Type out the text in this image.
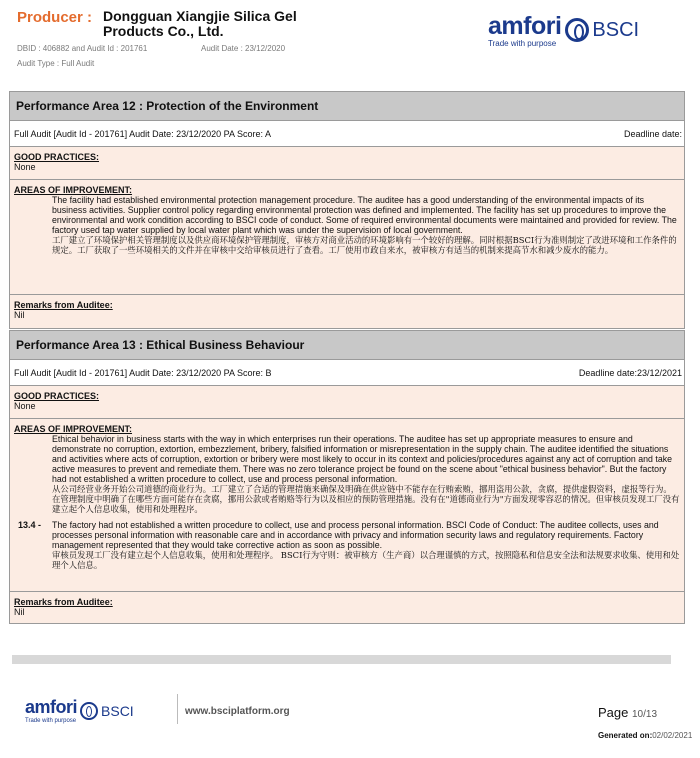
Producer : Dongguan Xiangjie Silica Gel Products Co., Ltd.
DBID : 406882 and Audit Id : 201761	Audit Date : 23/12/2020
Audit Type : Full Audit
amfori
Trade with purpose
BSCI
Performance Area 12 : Protection of the Environment
Full Audit [Audit Id - 201761] Audit Date: 23/12/2020 PA Score: A	Deadline date:
GOOD PRACTICES:
None
AREAS OF IMPROVEMENT:
The facility had established environmental protection management procedure. The auditee has a good understanding of the environmental impacts of its business activities. Supplier control policy regarding environmental protection was defined and implemented. The facility has set up procedures to improve the environmental and work condition according to BSCI code of conduct. Some of required environmental documents were maintained and provided for review. The factory used tap water supplied by local water plant which was under the supervision of local government.
工厂建立了环境保护相关管理制度以及供应商环境保护管理制度，审核方对商业活动的环境影响有一个较好的理解。同时根据BSCI行为准则制定了改进环境和工作条件的规定。工厂获取了一些环境相关的文件并在审核中交给审核员进行了查看。工厂使用市政自来水，被审核方有适当的机制来提高节水和减少废水的能力。
Remarks from Auditee:
Nil
Performance Area 13 : Ethical Business Behaviour
Full Audit [Audit Id - 201761] Audit Date: 23/12/2020 PA Score: B	Deadline date:23/12/2021
GOOD PRACTICES:
None
AREAS OF IMPROVEMENT:
Ethical behavior in business starts with the way in which enterprises run their operations. The auditee has set up appropriate measures to ensure and demonstrate no corruption, extortion, embezzlement, bribery, falsified information or misrepresentation in the supply chain. The auditee identified the situations and activities where acts of corruption, extortion or bribery were most likely to occur in its context and policies/procedures against any act of corruption and take active measures to prevent and remediate them. There was no zero tolerance project be found on the scene about "ethical business behavior". But the factory had not established a written procedure to collect, use and process personal information.
从公司经营业务开始公司道德的商业行为。工厂建立了合适的管理措施来确保及明确在供应链中不能存在行贿索贿，挪用盗用公款，贪腐，提供虚假资料，虚报等行为。在管理制度中明确了在哪些方面可能存在贪腐，挪用公款或者贿赂等行为以及相应的预防管理措施。没有在"道德商业行为"方面发现零容忍的情况。但审核员发现工厂没有建立起个人信息收集，使用和处理程序。
13.4 - The factory had not established a written procedure to collect, use and process personal information. BSCI Code of Conduct: The auditee collects, uses and processes personal information with reasonable care and in accordance with privacy and information security laws and regulatory requirements. Factory management represented that they would take corrective action as soon as possible.
审核员发现工厂没有建立起个人信息收集，使用和处理程序。 BSCI行为守则：被审核方（生产商）以合理谨慎的方式，按照隐私和信息安全法和法规要求收集、使用和处理个人信息。
Remarks from Auditee:
Nil
amfori
Trade with purpose
BSCI	www.bsciplatform.org	Page 10/13
Generated on:02/02/2021
